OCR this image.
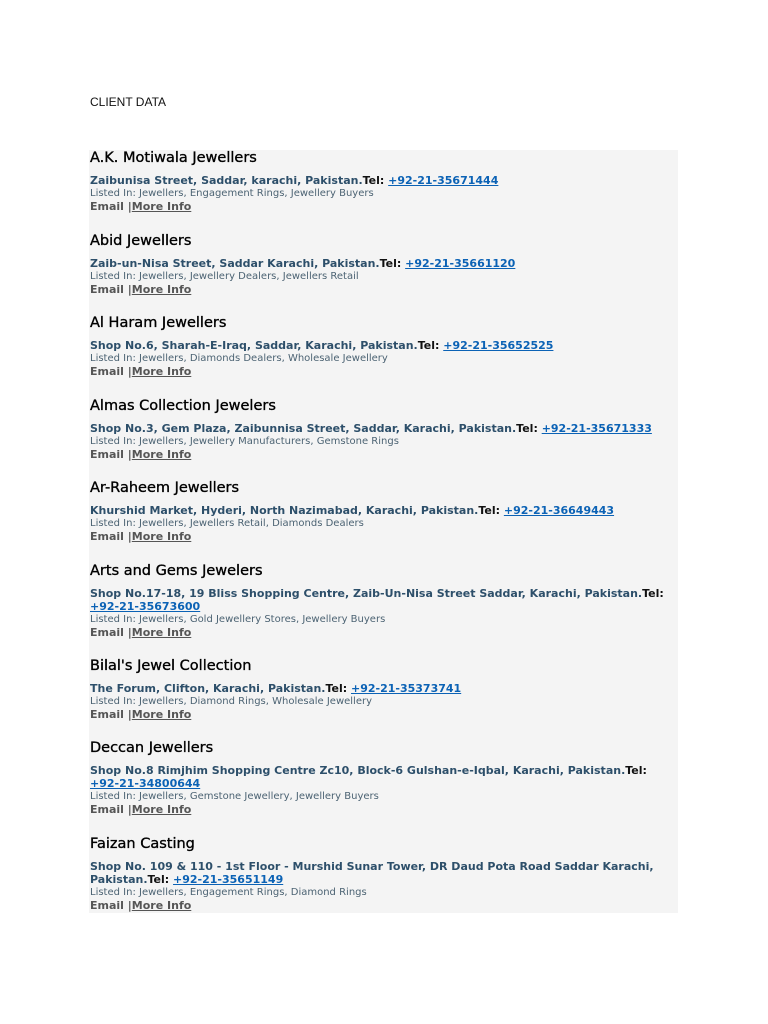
CLIENT DATA
A.K. Motiwala Jewellers
Zaibunisa Street, Saddar, karachi, Pakistan.Tel: +92-21-35671444
Listed In: Jewellers, Engagement Rings, Jewellery Buyers
Email |More Info
Abid Jewellers
Zaib-un-Nisa Street, Saddar Karachi, Pakistan.Tel: +92-21-35661120
Listed In: Jewellers, Jewellery Dealers, Jewellers Retail
Email |More Info
Al Haram Jewellers
Shop No.6, Sharah-E-Iraq, Saddar, Karachi, Pakistan.Tel: +92-21-35652525
Listed In: Jewellers, Diamonds Dealers, Wholesale Jewellery
Email |More Info
Almas Collection Jewelers
Shop No.3, Gem Plaza, Zaibunnisa Street, Saddar, Karachi, Pakistan.Tel: +92-21-35671333
Listed In: Jewellers, Jewellery Manufacturers, Gemstone Rings
Email |More Info
Ar-Raheem Jewellers
Khurshid Market, Hyderi, North Nazimabad, Karachi, Pakistan.Tel: +92-21-36649443
Listed In: Jewellers, Jewellers Retail, Diamonds Dealers
Email |More Info
Arts and Gems Jewelers
Shop No.17-18, 19 Bliss Shopping Centre, Zaib-Un-Nisa Street Saddar, Karachi, Pakistan.Tel: +92-21-35673600
Listed In: Jewellers, Gold Jewellery Stores, Jewellery Buyers
Email |More Info
Bilal's Jewel Collection
The Forum, Clifton, Karachi, Pakistan.Tel: +92-21-35373741
Listed In: Jewellers, Diamond Rings, Wholesale Jewellery
Email |More Info
Deccan Jewellers
Shop No.8 Rimjhim Shopping Centre Zc10, Block-6 Gulshan-e-Iqbal, Karachi, Pakistan.Tel: +92-21-34800644
Listed In: Jewellers, Gemstone Jewellery, Jewellery Buyers
Email |More Info
Faizan Casting
Shop No. 109 & 110 - 1st Floor - Murshid Sunar Tower, DR Daud Pota Road Saddar Karachi, Pakistan.Tel: +92-21-35651149
Listed In: Jewellers, Engagement Rings, Diamond Rings
Email |More Info
